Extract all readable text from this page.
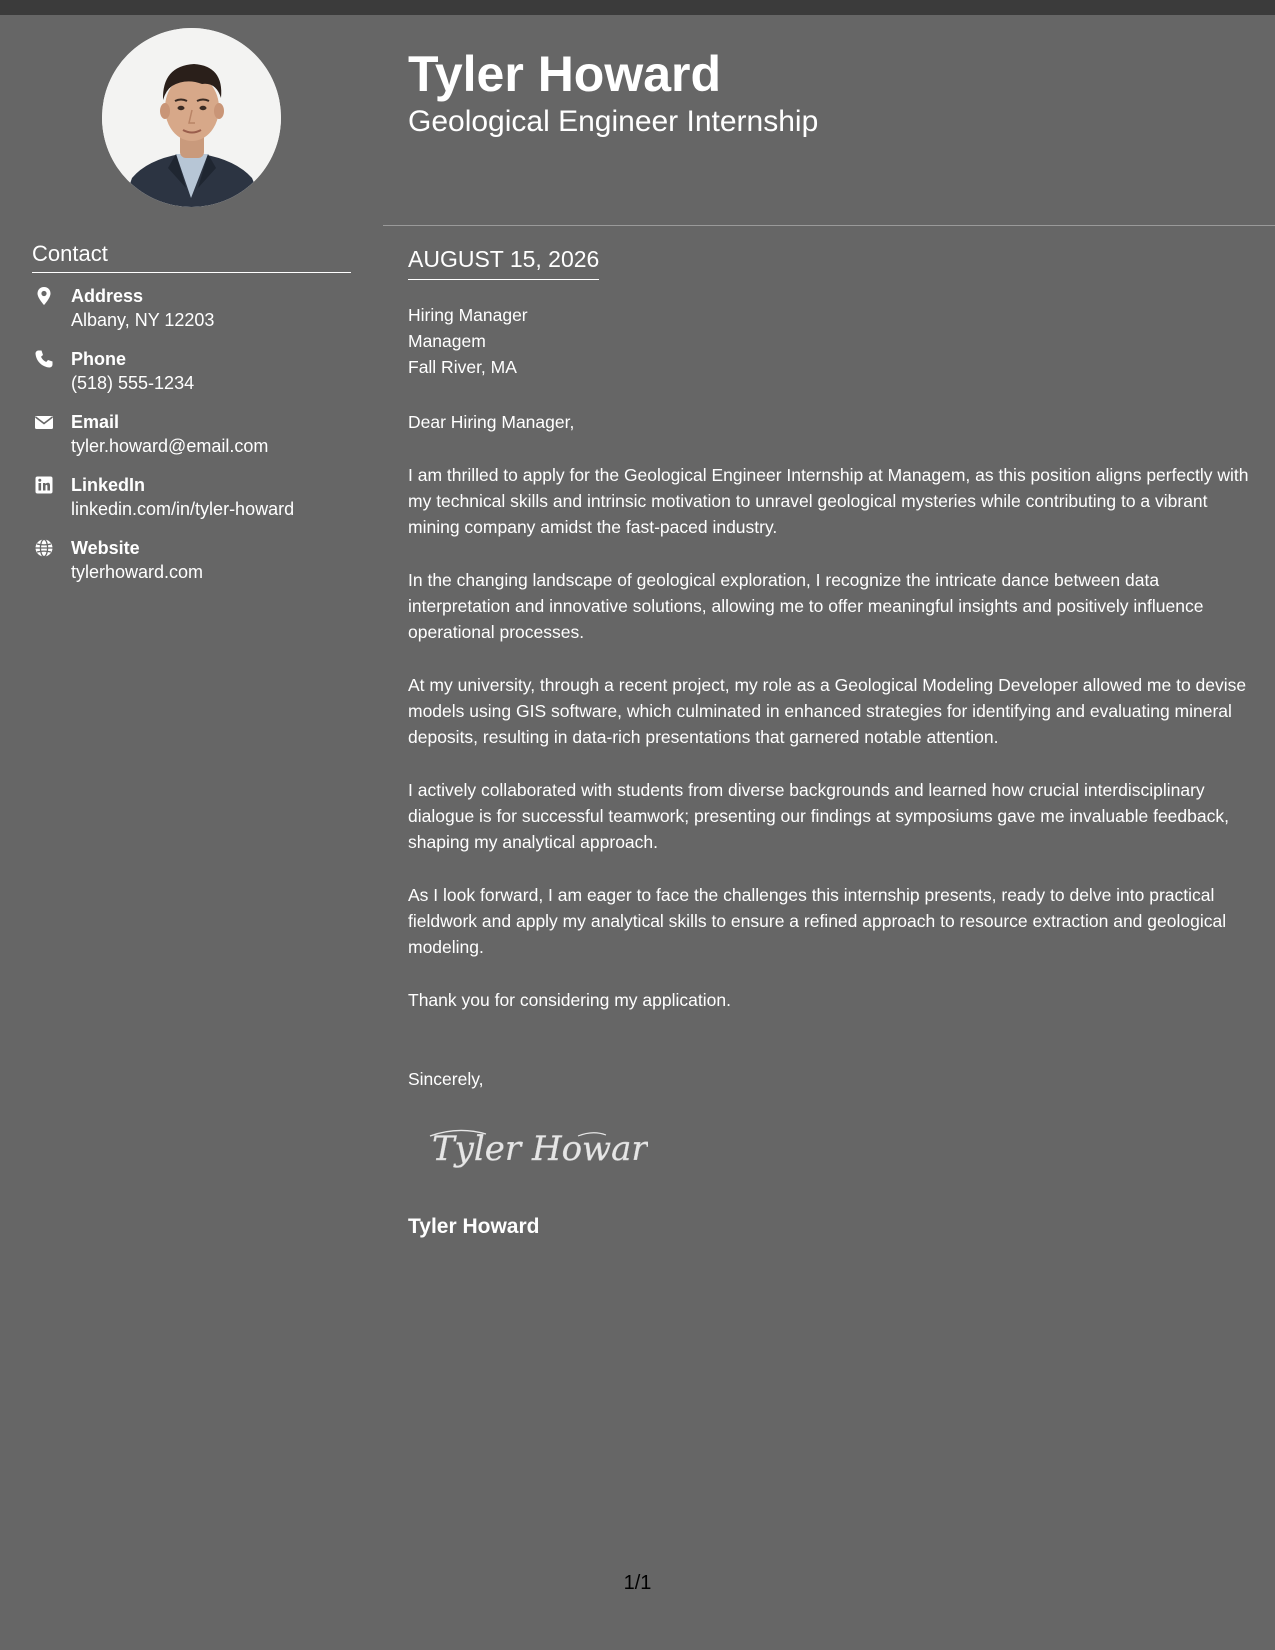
Contact
Address
Albany, NY 12203
Phone
(518) 555-1234
Email
tyler.howard@email.com
LinkedIn
linkedin.com/in/tyler-howard
Website
tylerhoward.com
Tyler Howard
Geological Engineer Internship
AUGUST 15, 2026

Hiring Manager

Managem

Fall River, MA

Dear Hiring Manager,

I am thrilled to apply for the Geological Engineer Internship at Managem, as this position aligns perfectly with my technical skills and intrinsic motivation to unravel geological mysteries while contributing to a vibrant mining company amidst the fast-paced industry.

In the changing landscape of geological exploration, I recognize the intricate dance between data interpretation and innovative solutions, allowing me to offer meaningful insights and positively influence operational processes.

At my university, through a recent project, my role as a Geological Modeling Developer allowed me to devise models using GIS software, which culminated in enhanced strategies for identifying and evaluating mineral deposits, resulting in data-rich presentations that garnered notable attention.

I actively collaborated with students from diverse backgrounds and learned how crucial interdisciplinary dialogue is for successful teamwork; presenting our findings at symposiums gave me invaluable feedback, shaping my analytical approach.

As I look forward, I am eager to face the challenges this internship presents, ready to delve into practical fieldwork and apply my analytical skills to ensure a refined approach to resource extraction and geological modeling.

Thank you for considering my application.

Sincerely,

Tyler Howard
Tyler Howard
1/1
